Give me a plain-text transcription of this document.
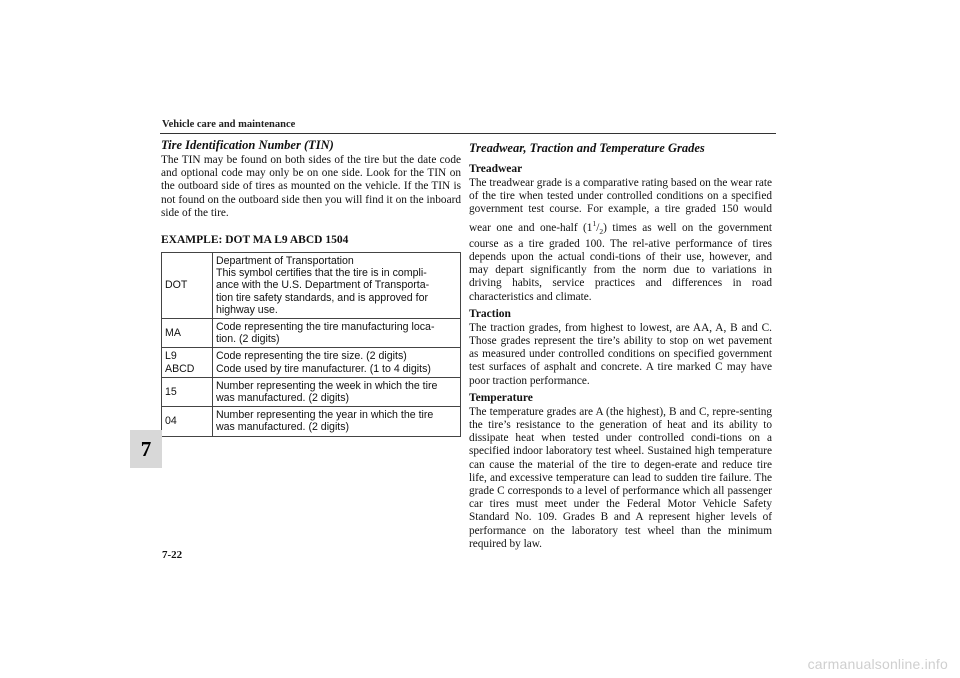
Vehicle care and maintenance
Tire Identification Number (TIN)

The TIN may be found on both sides of the tire but the date code and optional code may only be on one side. Look for the TIN on the outboard side of tires as mounted on the vehicle. If the TIN is not found on the outboard side then you will find it on the inboard side of the tire.

EXAMPLE: DOT MA L9 ABCD 1504
DOT	Department of Transportation
This symbol certifies that the tire is in compli-
ance with the U.S. Department of Transporta-
tion tire safety standards, and is approved for
highway use.

MA	Code representing the tire manufacturing loca-
tion. (2 digits)

L9
ABCD	Code representing the tire size. (2 digits)
Code used by tire manufacturer. (1 to 4 digits)

15	Number representing the week in which the tire
was manufactured. (2 digits)

04	Number representing the year in which the tire
was manufactured. (2 digits)
Treadwear, Traction and Temperature Grades
Treadwear

The treadwear grade is a comparative rating based on the wear rate of the tire when tested under controlled conditions on a specified government test course. For example, a tire graded 150 would wear one and one-half $(1^1/_2)$ times as well on the government course as a tire graded 100. The rel-ative performance of tires depends upon the actual condi-tions of their use, however, and may depart significantly from the norm due to variations in driving habits, service practices and differences in road characteristics and climate.

Traction

The traction grades, from highest to lowest, are AA, A, B and C. Those grades represent the tire’s ability to stop on wet pavement as measured under controlled conditions on specified government test surfaces of asphalt and concrete. A tire marked C may have poor traction performance.

Temperature

The temperature grades are A (the highest), B and C, repre-senting the tire’s resistance to the generation of heat and its ability to dissipate heat when tested under controlled condi-tions on a specified indoor laboratory test wheel. Sustained high temperature can cause the material of the tire to degen-erate and reduce tire life, and excessive temperature can lead to sudden tire failure. The grade C corresponds to a level of performance which all passenger car tires must meet under the Federal Motor Vehicle Safety Standard No. 109. Grades B and A represent higher levels of performance on the laboratory test wheel than the minimum required by law.

7
7-22
carmanualsonline.info
